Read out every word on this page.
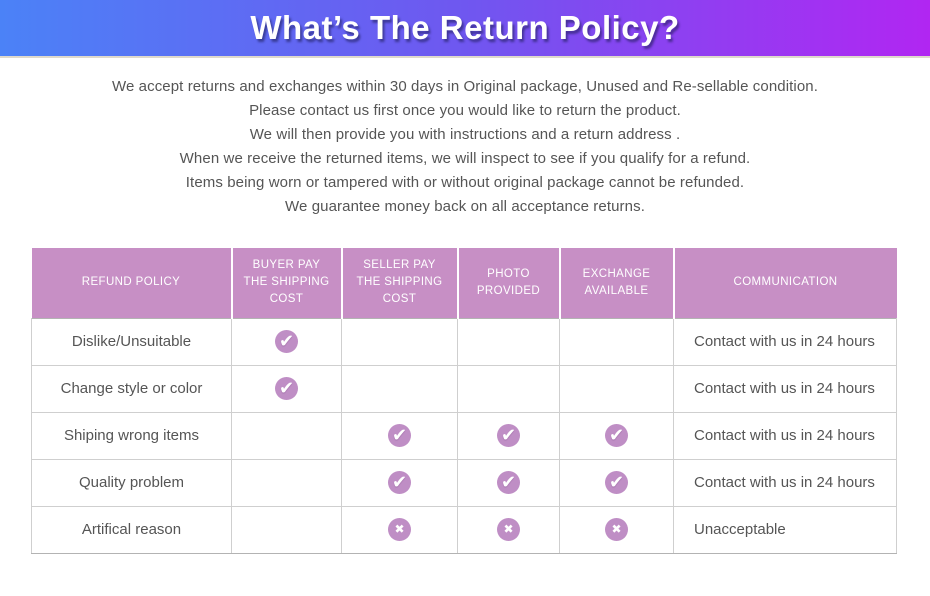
What’s The Return Policy?

We accept returns and exchanges within 30 days in Original package, Unused and Re-sellable condition.

Please contact us first once you would like to return the product.

We will then provide you with instructions and a return address .

When we receive the returned items, we will inspect to see if you qualify for a refund.

Items being worn or tampered with or without original package cannot be refunded.

We guarantee money back on all acceptance returns.

REFUND POLICY	BUYER PAY THE SHIPPING COST	SELLER PAY THE SHIPPING COST	PHOTO PROVIDED	EXCHANGE AVAILABLE	COMMUNICATION
Dislike/Unsuitable	✔				Contact with us in 24 hours
Change style or color	✔				Contact with us in 24 hours
Shiping wrong items		✔	✔	✔	Contact with us in 24 hours
Quality problem		✔	✔	✔	Contact with us in 24 hours
Artifical reason		✖	✖	✖	Unacceptable
